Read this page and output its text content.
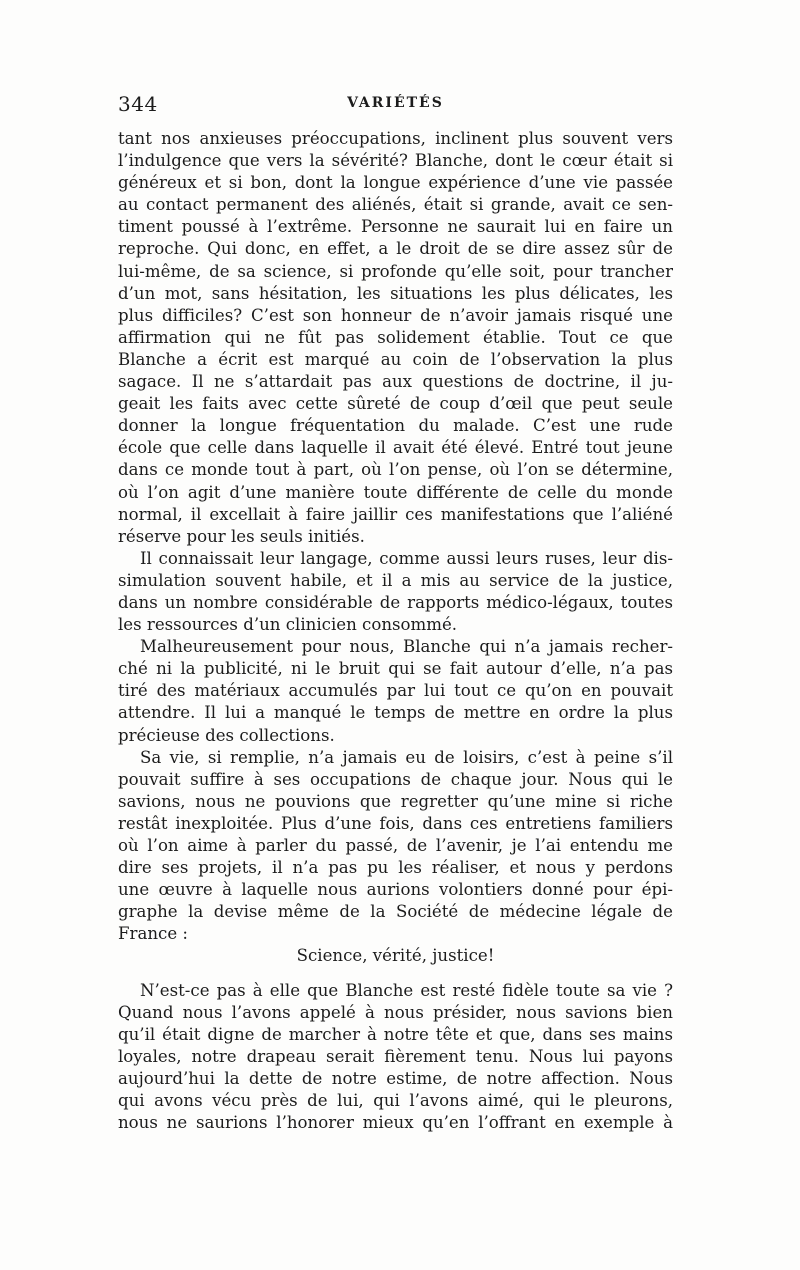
344	VARIÉTÉS
tant nos anxieuses préoccupations, inclinent plus souvent vers
l’indulgence que vers la sévérité? Blanche, dont le cœur était si
généreux et si bon, dont la longue expérience d’une vie passée
au contact permanent des aliénés, était si grande, avait ce sen-
timent poussé à l’extrême. Personne ne saurait lui en faire un
reproche. Qui donc, en effet, a le droit de se dire assez sûr de
lui-même, de sa science, si profonde qu’elle soit, pour trancher
d’un mot, sans hésitation, les situations les plus délicates, les
plus difficiles? C’est son honneur de n’avoir jamais risqué une
affirmation qui ne fût pas solidement établie. Tout ce que
Blanche a écrit est marqué au coin de l’observation la plus
sagace. Il ne s’attardait pas aux questions de doctrine, il ju-
geait les faits avec cette sûreté de coup d’œil que peut seule
donner la longue fréquentation du malade. C’est une rude
école que celle dans laquelle il avait été élevé. Entré tout jeune
dans ce monde tout à part, où l’on pense, où l’on se détermine,
où l’on agit d’une manière toute différente de celle du monde
normal, il excellait à faire jaillir ces manifestations que l’aliéné
réserve pour les seuls initiés.
Il connaissait leur langage, comme aussi leurs ruses, leur dis-
simulation souvent habile, et il a mis au service de la justice,
dans un nombre considérable de rapports médico-légaux, toutes
les ressources d’un clinicien consommé.
Malheureusement pour nous, Blanche qui n’a jamais recher-
ché ni la publicité, ni le bruit qui se fait autour d’elle, n’a pas
tiré des matériaux accumulés par lui tout ce qu’on en pouvait
attendre. Il lui a manqué le temps de mettre en ordre la plus
précieuse des collections.
Sa vie, si remplie, n’a jamais eu de loisirs, c’est à peine s’il
pouvait suffire à ses occupations de chaque jour. Nous qui le
savions, nous ne pouvions que regretter qu’une mine si riche
restât inexploitée. Plus d’une fois, dans ces entretiens familiers
où l’on aime à parler du passé, de l’avenir, je l’ai entendu me
dire ses projets, il n’a pas pu les réaliser, et nous y perdons
une œuvre à laquelle nous aurions volontiers donné pour épi-
graphe la devise même de la Société de médecine légale de
France :
Science, vérité, justice!
N’est-ce pas à elle que Blanche est resté fidèle toute sa vie ?
Quand nous l’avons appelé à nous présider, nous savions bien
qu’il était digne de marcher à notre tête et que, dans ses mains
loyales, notre drapeau serait fièrement tenu. Nous lui payons
aujourd’hui la dette de notre estime, de notre affection. Nous
qui avons vécu près de lui, qui l’avons aimé, qui le pleurons,
nous ne saurions l’honorer mieux qu’en l’offrant en exemple à
